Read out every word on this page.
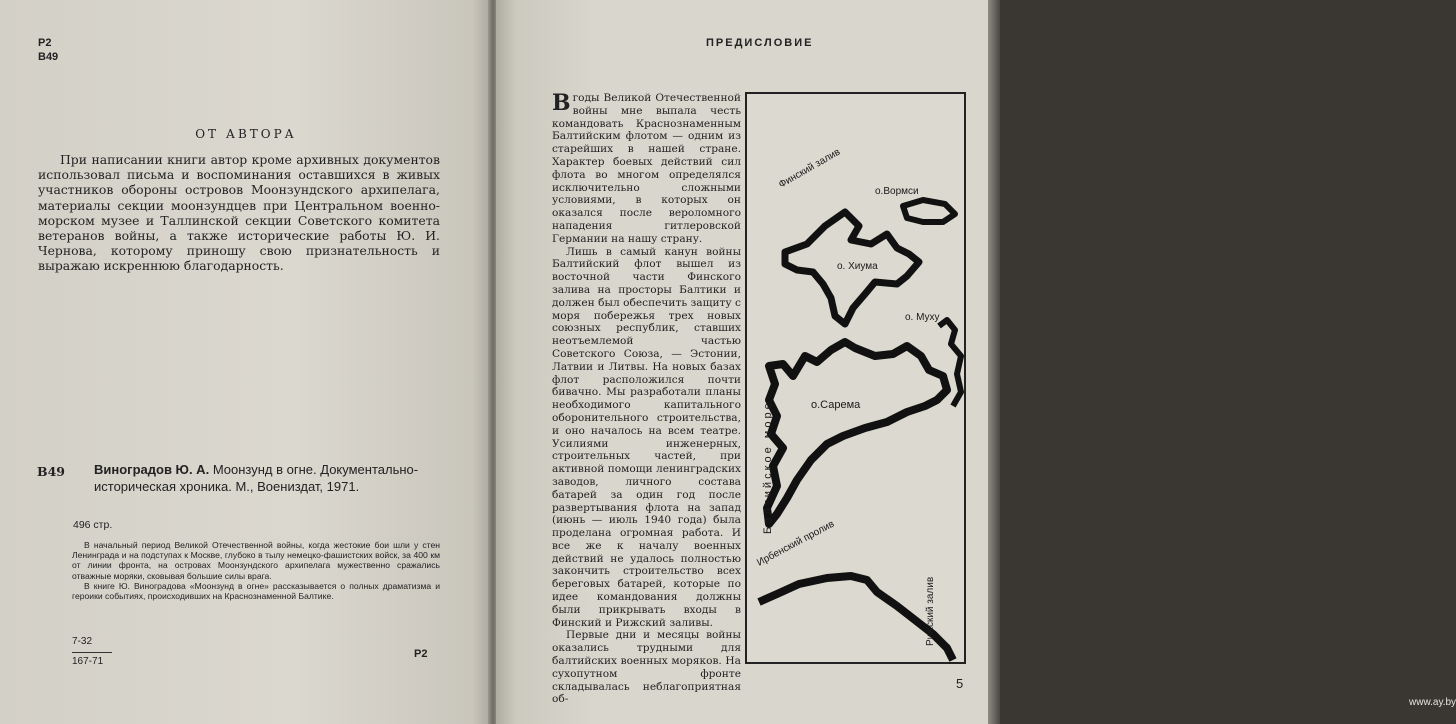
Р2
В49
ОТ АВТОРА

При написании книги автор кроме архивных документов использовал письма и воспоминания оставшихся в живых участников обороны островов Моонзундского архипелага, материалы секции моонзундцев при Центральном военно-морском музее и Таллинской секции Советского комитета ветеранов войны, а также исторические работы Ю. И. Чернова, которому приношу свою признательность и выражаю искреннюю благодарность.

В49 Виноградов Ю. А. Моонзунд в огне. Документально-историческая хроника. М., Воениздат, 1971.
496 стр.

В начальный период Великой Отечественной войны, когда жестокие бои шли у стен Ленинграда и на подступах к Москве, глубоко в тылу немецко-фашистских войск, за 400 км от линии фронта, на островах Моонзундского архипелага мужественно сражались отважные моряки, сковывая большие силы врага.

В книге Ю. Виноградова «Моонзунд в огне» рассказывается о полных драматизма и героики событиях, происходивших на Краснознаменной Балтике.

7-32
167-71
Р2
ПРЕДИСЛОВИЕ

Вгоды Великой Отечественной войны мне выпала честь командовать Краснознаменным Балтийским флотом — одним из старейших в нашей стране. Характер боевых действий сил флота во многом определялся исключительно сложными условиями, в которых он оказался после вероломного нападения гитлеровской Германии на нашу страну.

Лишь в самый канун войны Балтийский флот вышел из восточной части Финского залива на просторы Балтики и должен был обеспечить защиту с моря побережья трех новых союзных республик, ставших неотъемлемой частью Советского Союза, — Эстонии, Латвии и Литвы. На новых базах флот расположился почти бивачно. Мы разработали планы необходимого капитального оборонительного строительства, и оно началось на всем театре. Усилиями инженерных, строительных частей, при активной помощи ленинградских заводов, личного состава батарей за один год после развертывания флота на запад (июнь — июль 1940 года) была проделана огромная работа. И все же к началу военных действий не удалось полностью закончить строительство всех береговых батарей, которые по идее командования должны были прикрывать входы в Финский и Рижский заливы.

Первые дни и месяцы войны оказались трудными для балтийских военных моряков. На сухопутном фронте складывалась неблагоприятная об-

Финский залив
о.Вормси
о. Хиума
о. Муху
Балтийское море	о.Сарема
Ирбенский пролив
Рижский залив
5
www.ay.by
